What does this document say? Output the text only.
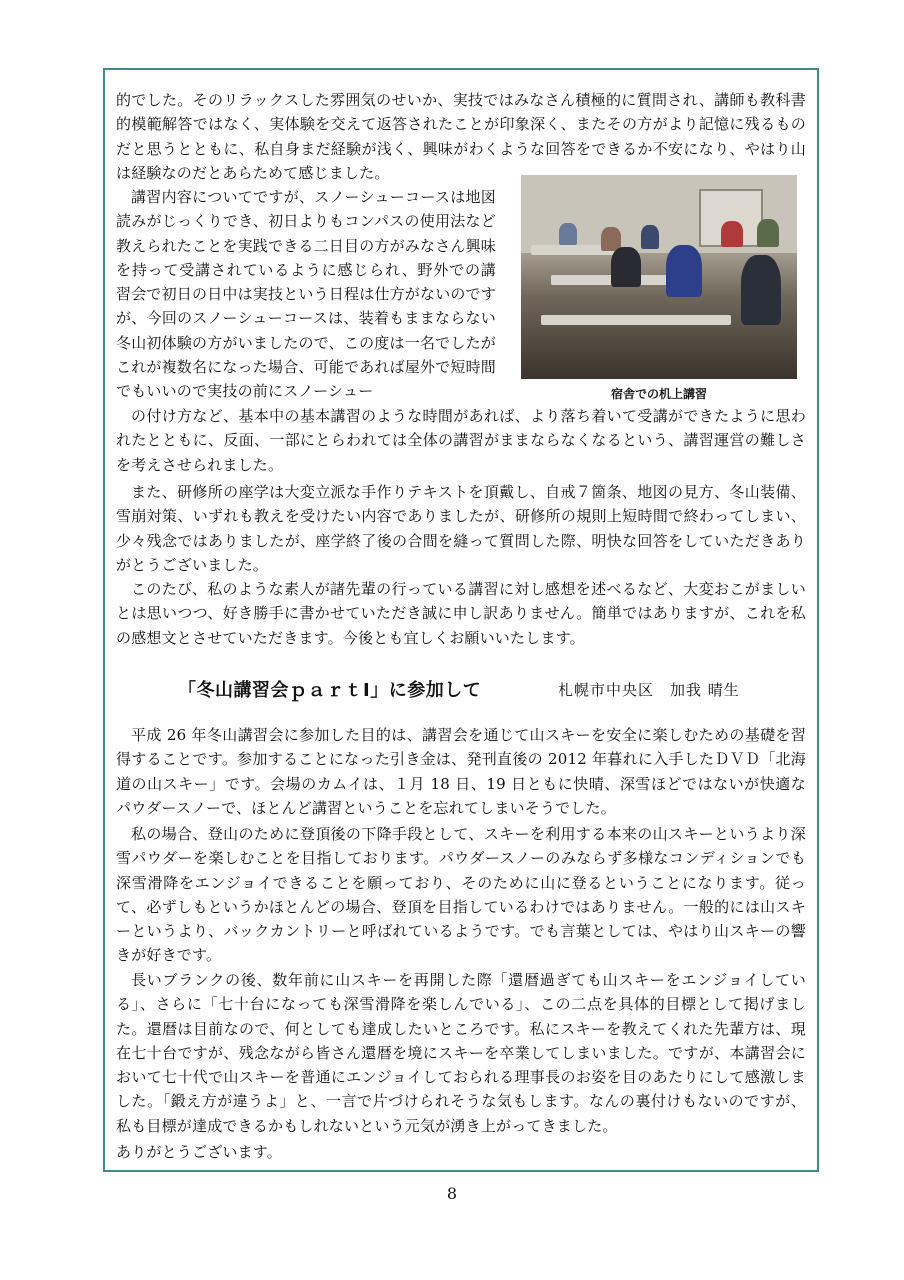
的でした。そのリラックスした雰囲気のせいか、実技ではみなさん積極的に質問され、講師も教科書的模範解答ではなく、実体験を交えて返答されたことが印象深く、またその方がより記憶に残るものだと思うとともに、私自身まだ経験が浅く、興味がわくような回答をできるか不安になり、やはり山は経験なのだとあらためて感じました。

講習内容についてですが、スノーシューコースは地図読みがじっくりでき、初日よりもコンパスの使用法など教えられたことを実践できる二日目の方がみなさん興味を持って受講されているように感じられ、野外での講習会で初日の日中は実技という日程は仕方がないのですが、今回のスノーシューコースは、装着もままならない冬山初体験の方がいましたので、この度は一名でしたがこれが複数名になった場合、可能であれば屋外で短時間でもいいので実技の前にスノーシュー	宿舎での机上講習

の付け方など、基本中の基本講習のような時間があれば、より落ち着いて受講ができたように思われたとともに、反面、一部にとらわれては全体の講習がままならなくなるという、講習運営の難しさを考えさせられました。

また、研修所の座学は大変立派な手作りテキストを頂戴し、自戒７箇条、地図の見方、冬山装備、雪崩対策、いずれも教えを受けたい内容でありましたが、研修所の規則上短時間で終わってしまい、少々残念ではありましたが、座学終了後の合間を縫って質問した際、明快な回答をしていただきありがとうございました。

このたび、私のような素人が諸先輩の行っている講習に対し感想を述べるなど、大変おこがましいとは思いつつ、好き勝手に書かせていただき誠に申し訳ありません。簡単ではありますが、これを私の感想文とさせていただきます。今後とも宜しくお願いいたします。

「冬山講習会ｐａｒｔⅠ」に参加して	札幌市中央区　加我 晴生

平成 26 年冬山講習会に参加した目的は、講習会を通じて山スキーを安全に楽しむための基礎を習得することです。参加することになった引き金は、発刊直後の 2012 年暮れに入手したＤＶＤ「北海道の山スキー」です。会場のカムイは、１月 18 日、19 日ともに快晴、深雪ほどではないが快適なパウダースノーで、ほとんど講習ということを忘れてしまいそうでした。

私の場合、登山のために登頂後の下降手段として、スキーを利用する本来の山スキーというより深雪パウダーを楽しむことを目指しております。パウダースノーのみならず多様なコンディションでも深雪滑降をエンジョイできることを願っており、そのために山に登るということになります。従って、必ずしもというかほとんどの場合、登頂を目指しているわけではありません。一般的には山スキーというより、バックカントリーと呼ばれているようです。でも言葉としては、やはり山スキーの響きが好きです。

長いブランクの後、数年前に山スキーを再開した際「還暦過ぎても山スキーをエンジョイしている」、さらに「七十台になっても深雪滑降を楽しんでいる」、この二点を具体的目標として掲げました。還暦は目前なので、何としても達成したいところです。私にスキーを教えてくれた先輩方は、現在七十台ですが、残念ながら皆さん還暦を境にスキーを卒業してしまいました。ですが、本講習会において七十代で山スキーを普通にエンジョイしておられる理事長のお姿を目のあたりにして感激しました。「鍛え方が違うよ」と、一言で片づけられそうな気もします。なんの裏付けもないのですが、私も目標が達成できるかもしれないという元気が湧き上がってきました。

ありがとうございます。

8
